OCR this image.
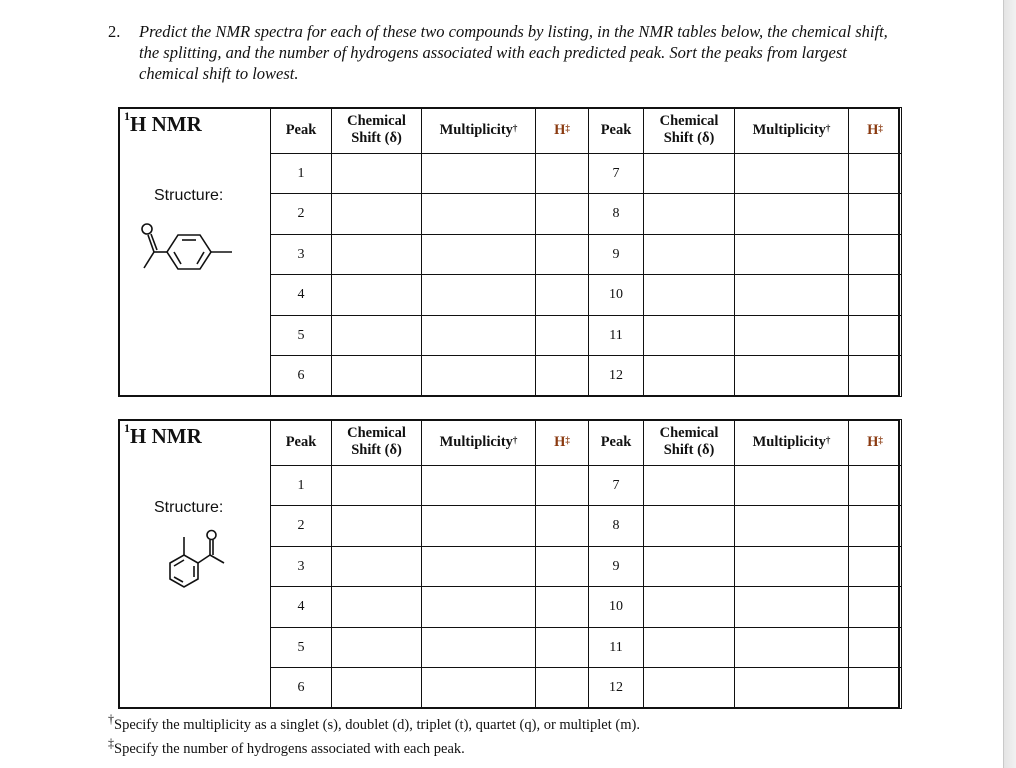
2. Predict the NMR spectra for each of these two compounds by listing, in the NMR tables below, the chemical shift, the splitting, and the number of hydrogens associated with each predicted peak. Sort the peaks from largest chemical shift to lowest.
$^1$H NMR
Structure:
Peak	Chemical
Shift (δ)	Multiplicity†	H‡	Peak	Chemical
Shift (δ)	Multiplicity†	H‡
1				7			
2				8			
3				9			
4				10			
5				11			
6				12			
$^1$H NMR
Structure:
Peak	Chemical
Shift (δ)	Multiplicity†	H‡	Peak	Chemical
Shift (δ)	Multiplicity†	H‡
1				7			
2				8			
3				9			
4				10			
5				11			
6				12			
†Specify the multiplicity as a singlet (s), doublet (d), triplet (t), quartet (q), or multiplet (m).
‡Specify the number of hydrogens associated with each peak.
